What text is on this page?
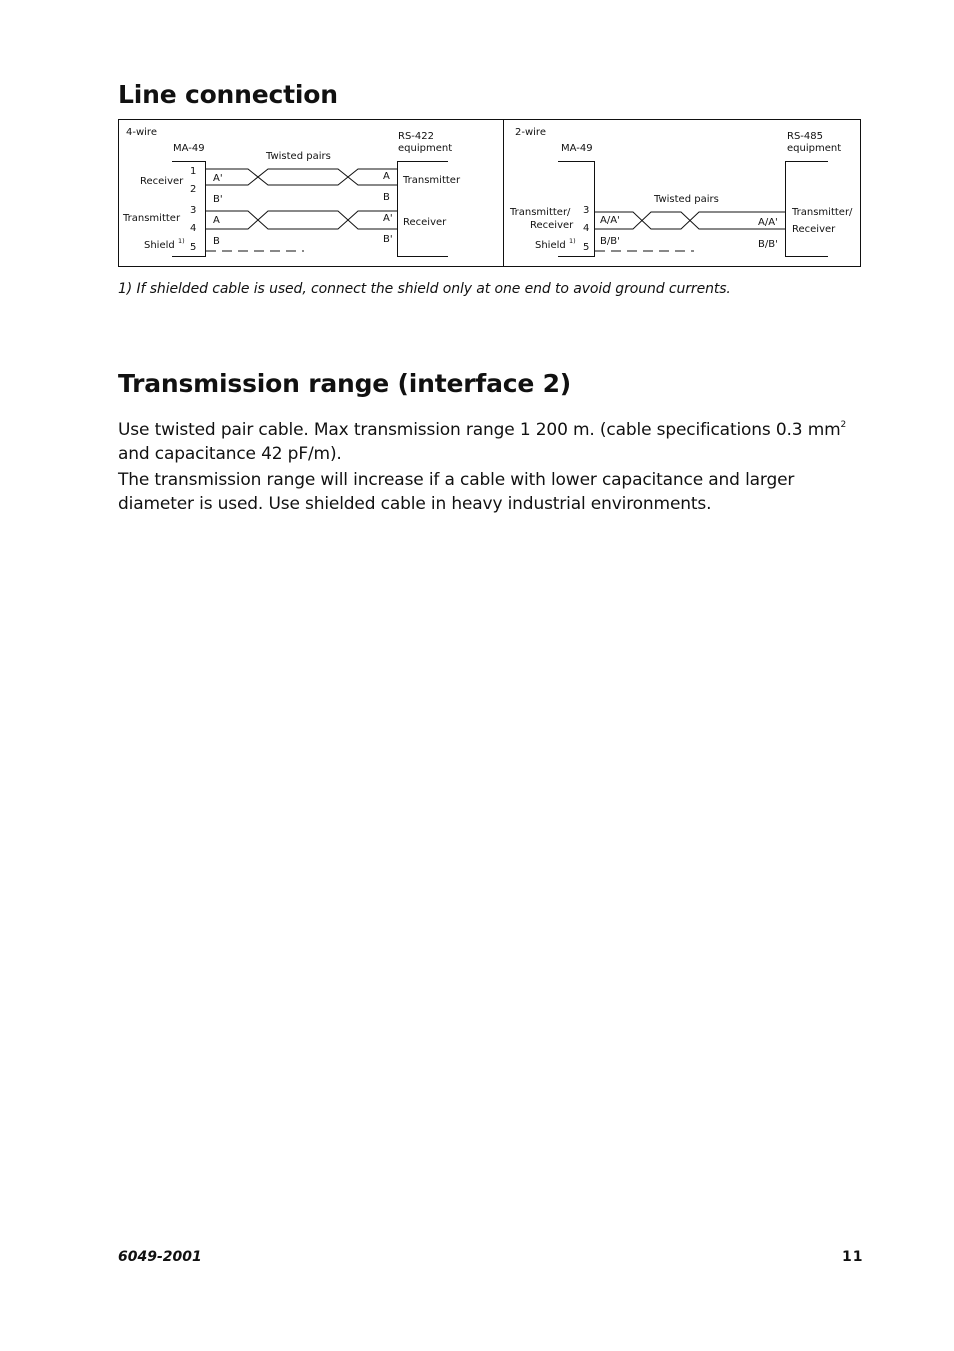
Line connection
4-wire
MA-49
RS-422
equipment
Twisted pairs
Receiver
Transmitter
Shield 1)
1
2
3
4
5
A'
B'
A
B
A
B
A'
B'
Transmitter
Receiver
2-wire
MA-49
RS-485
equipment
Twisted pairs
Transmitter/
Receiver
Shield 1)
3
4
5
A/A'
B/B'
A/A'
B/B'
Transmitter/
Receiver

1) If shielded cable is used, connect the shield only at one end to avoid ground currents.

Transmission range (interface 2)

Use twisted pair cable. Max transmission range 1 200 m. (cable specifications 0.3 $mm^2$
and capacitance 42 pF/m).

The transmission range will increase if a cable with lower capacitance and larger diameter is used. Use shielded cable in heavy industrial environments.

6049-2001	11
